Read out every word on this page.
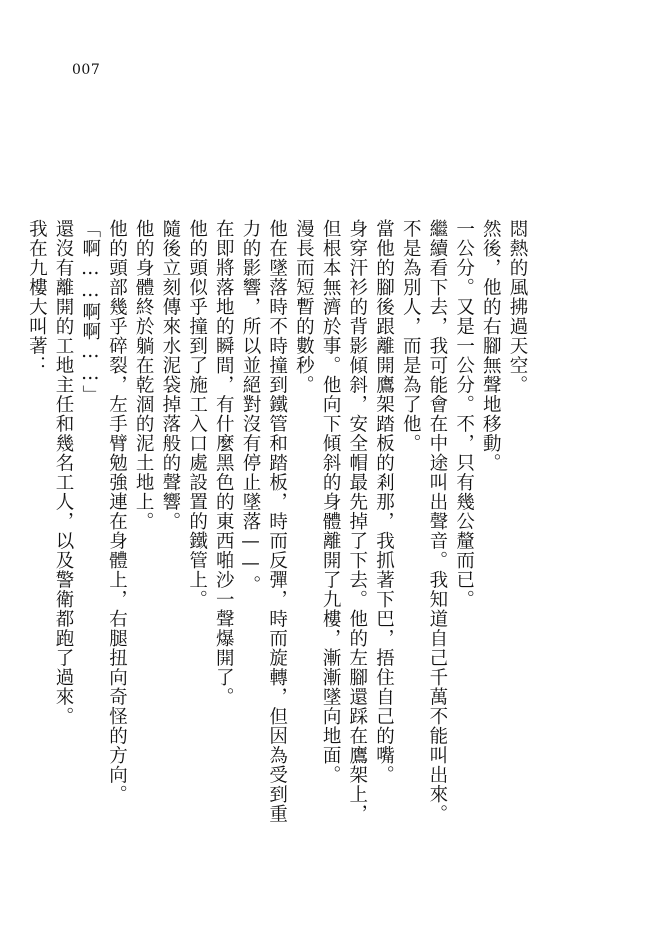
007

悶熱的風拂過天空。

然後，他的右腳無聲地移動。

一公分。又是一公分。不，只有幾公釐而已。

繼續看下去，我可能會在中途叫出聲音。我知道自己千萬不能叫出來。不是為別人，而是為了他。

當他的腳後跟離開鷹架踏板的剎那，我抓著下巴，捂住自己的嘴。

身穿汗衫的背影傾斜，安全帽最先掉了下去。他的左腳還踩在鷹架上，但根本無濟於事。他向下傾斜的身體離開了九樓，漸漸墜向地面。

漫長而短暫的數秒。

他在墜落時不時撞到鐵管和踏板，時而反彈，時而旋轉，但因為受到重力的影響，所以並絕對沒有停止墜落——。

在即將落地的瞬間，有什麼黑色的東西啪沙一聲爆開了。

他的頭似乎撞到了施工入口處設置的鐵管上。

隨後立刻傳來水泥袋掉落般的聲響。

他的身體終於躺在乾涸的泥土地上。

他的頭部幾乎碎裂，左手臂勉強連在身體上，右腿扭向奇怪的方向。

「啊……啊啊……」

還沒有離開的工地主任和幾名工人，以及警衛都跑了過來。

我在九樓大叫著：
